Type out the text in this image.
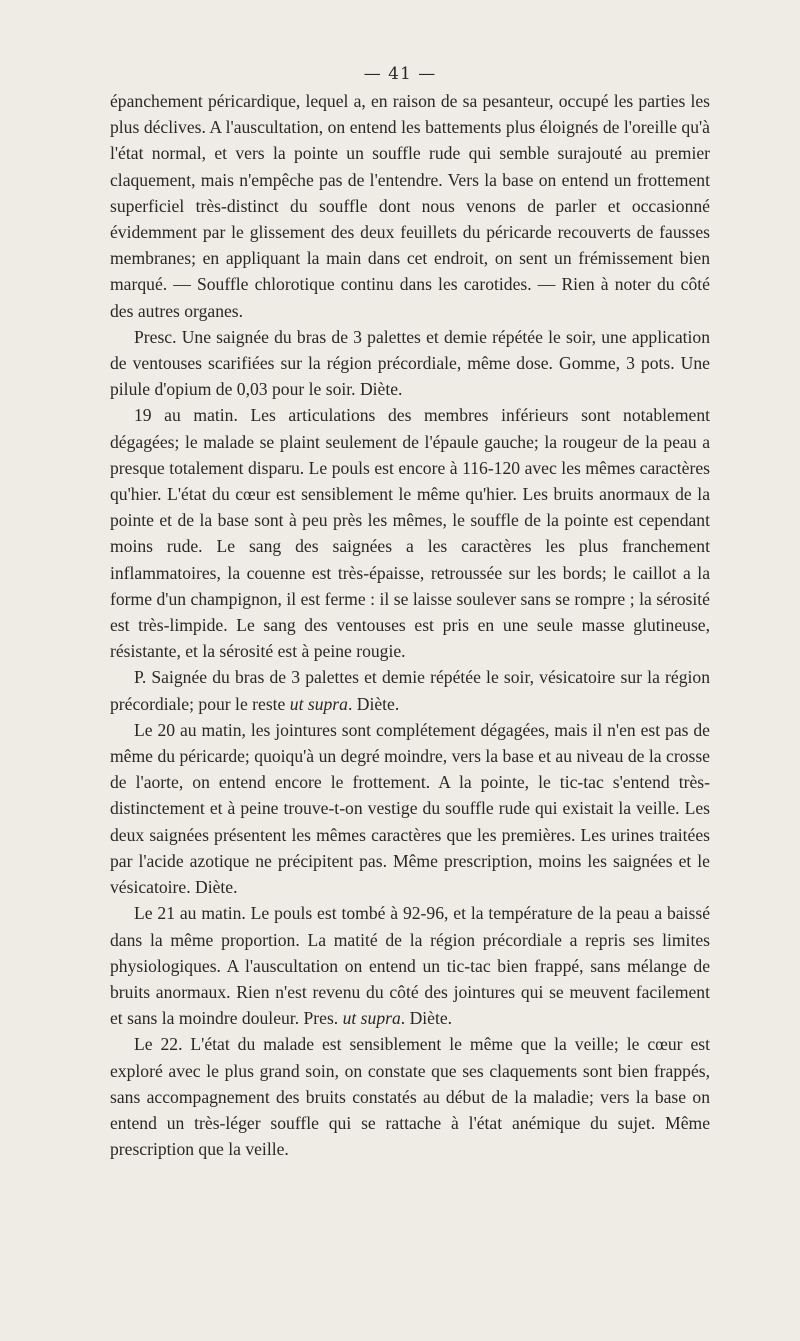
— 41 —

épanchement péricardique, lequel a, en raison de sa pesanteur, occupé les parties les plus déclives. A l'auscultation, on entend les battements plus éloignés de l'oreille qu'à l'état normal, et vers la pointe un souffle rude qui semble surajouté au premier claquement, mais n'empêche pas de l'entendre. Vers la base on entend un frottement superficiel très-distinct du souffle dont nous venons de parler et occasionné évidemment par le glissement des deux feuillets du péricarde recouverts de fausses membranes; en appliquant la main dans cet endroit, on sent un frémissement bien marqué. — Souffle chlorotique continu dans les carotides. — Rien à noter du côté des autres organes.

Presc. Une saignée du bras de 3 palettes et demie répétée le soir, une application de ventouses scarifiées sur la région précordiale, même dose. Gomme, 3 pots. Une pilule d'opium de 0,03 pour le soir. Diète.

19 au matin. Les articulations des membres inférieurs sont notablement dégagées; le malade se plaint seulement de l'épaule gauche; la rougeur de la peau a presque totalement disparu. Le pouls est encore à 116-120 avec les mêmes caractères qu'hier. L'état du cœur est sensiblement le même qu'hier. Les bruits anormaux de la pointe et de la base sont à peu près les mêmes, le souffle de la pointe est cependant moins rude. Le sang des saignées a les caractères les plus franchement inflammatoires, la couenne est très-épaisse, retroussée sur les bords; le caillot a la forme d'un champignon, il est ferme : il se laisse soulever sans se rompre ; la sérosité est très-limpide. Le sang des ventouses est pris en une seule masse glutineuse, résistante, et la sérosité est à peine rougie.

P. Saignée du bras de 3 palettes et demie répétée le soir, vésicatoire sur la région précordiale; pour le reste ut supra. Diète.

Le 20 au matin, les jointures sont complétement dégagées, mais il n'en est pas de même du péricarde; quoiqu'à un degré moindre, vers la base et au niveau de la crosse de l'aorte, on entend encore le frottement. A la pointe, le tic-tac s'entend très-distinctement et à peine trouve-t-on vestige du souffle rude qui existait la veille. Les deux saignées présentent les mêmes caractères que les premières. Les urines traitées par l'acide azotique ne précipitent pas. Même prescription, moins les saignées et le vésicatoire. Diète.

Le 21 au matin. Le pouls est tombé à 92-96, et la température de la peau a baissé dans la même proportion. La matité de la région précordiale a repris ses limites physiologiques. A l'auscultation on entend un tic-tac bien frappé, sans mélange de bruits anormaux. Rien n'est revenu du côté des jointures qui se meuvent facilement et sans la moindre douleur. Pres. ut supra. Diète.

Le 22. L'état du malade est sensiblement le même que la veille; le cœur est exploré avec le plus grand soin, on constate que ses claquements sont bien frappés, sans accompagnement des bruits constatés au début de la maladie; vers la base on entend un très-léger souffle qui se rattache à l'état anémique du sujet. Même prescription que la veille.
